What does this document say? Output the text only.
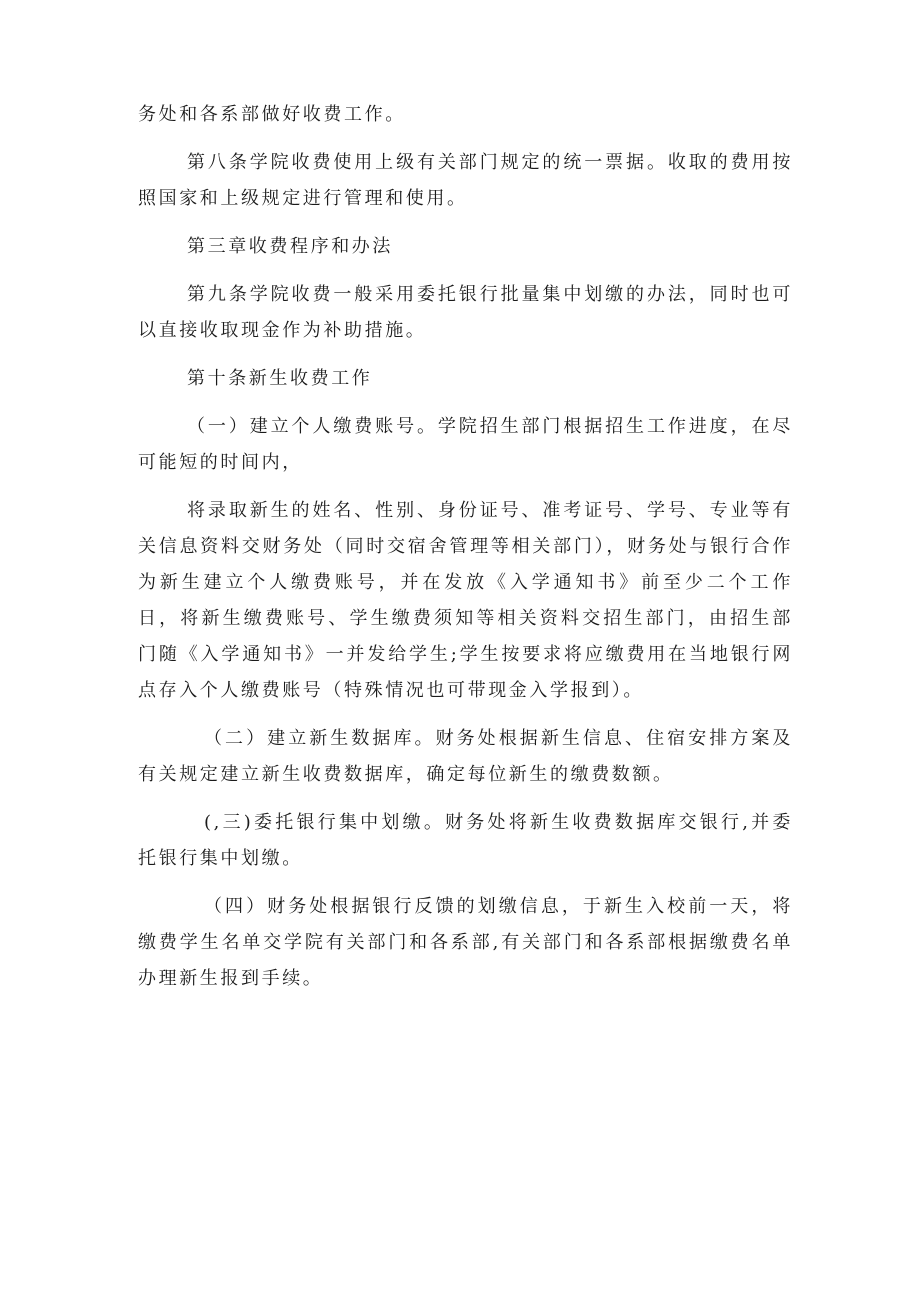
务处和各系部做好收费工作。

第八条学院收费使用上级有关部门规定的统一票据。收取的费用按照国家和上级规定进行管理和使用。

第三章收费程序和办法

第九条学院收费一般采用委托银行批量集中划缴的办法，同时也可以直接收取现金作为补助措施。

第十条新生收费工作

（一）建立个人缴费账号。学院招生部门根据招生工作进度，在尽可能短的时间内，

将录取新生的姓名、性别、身份证号、准考证号、学号、专业等有关信息资料交财务处（同时交宿舍管理等相关部门），财务处与银行合作为新生建立个人缴费账号，并在发放《入学通知书》前至少二个工作日，将新生缴费账号、学生缴费须知等相关资料交招生部门，由招生部门随《入学通知书》一并发给学生;学生按要求将应缴费用在当地银行网点存入个人缴费账号（特殊情况也可带现金入学报到）。

（二）建立新生数据库。财务处根据新生信息、住宿安排方案及有关规定建立新生收费数据库，确定每位新生的缴费数额。

(,三)委托银行集中划缴。财务处将新生收费数据库交银行,并委托银行集中划缴。

（四）财务处根据银行反馈的划缴信息，于新生入校前一天，将缴费学生名单交学院有关部门和各系部,有关部门和各系部根据缴费名单办理新生报到手续。
